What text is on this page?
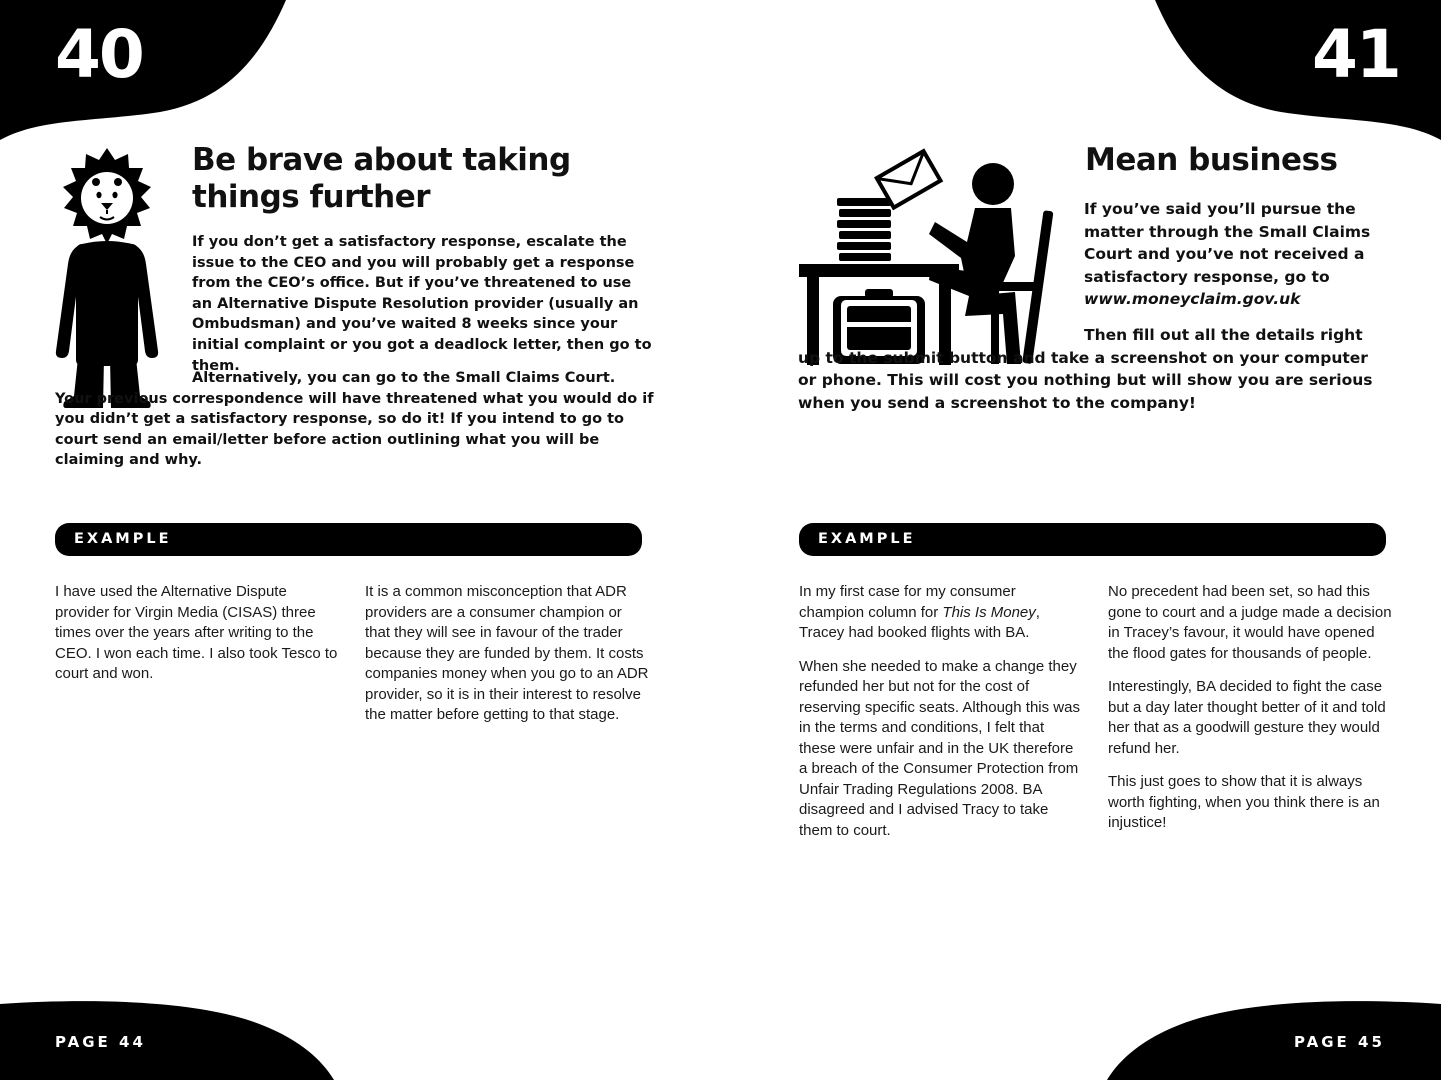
40	41
Be brave about taking things further

If you don’t get a satisfactory response, escalate the issue to the CEO and you will probably get a response from the CEO’s office. But if you’ve threatened to use an Alternative Dispute Resolution provider (usually an Ombudsman) and you’ve waited 8 weeks since your initial complaint or you got a deadlock letter, then go to them.

Alternatively, you can go to the Small Claims Court. Your previous correspondence will have threatened what you would do if you didn’t get a satisfactory response, so do it! If you intend to go to court send an email/letter before action outlining what you will be claiming and why.

EXAMPLE

I have used the Alternative Dispute provider for Virgin Media (CISAS) three times over the years after writing to the CEO. I won each time. I also took Tesco to court and won.

It is a common misconception that ADR providers are a consumer champion or that they will see in favour of the trader because they are funded by them. It costs companies money when you go to an ADR provider, so it is in their interest to resolve the matter before getting to that stage.

PAGE 44
Mean business

If you’ve said you’ll pursue the matter through the Small Claims Court and you’ve not received a satisfactory response, go to www.moneyclaim.gov.uk

Then fill out all the details right up to the submit button and take a screenshot on your computer or phone. This will cost you nothing but will show you are serious when you send a screenshot to the company!

EXAMPLE

In my first case for my consumer champion column for This Is Money, Tracey had booked flights with BA.

When she needed to make a change they refunded her but not for the cost of reserving specific seats. Although this was in the terms and conditions, I felt that these were unfair and in the UK therefore a breach of the Consumer Protection from Unfair Trading Regulations 2008. BA disagreed and I advised Tracy to take them to court.

No precedent had been set, so had this gone to court and a judge made a decision in Tracey’s favour, it would have opened the flood gates for thousands of people.

Interestingly, BA decided to fight the case but a day later thought better of it and told her that as a goodwill gesture they would refund her.

This just goes to show that it is always worth fighting, when you think there is an injustice!

PAGE 45
